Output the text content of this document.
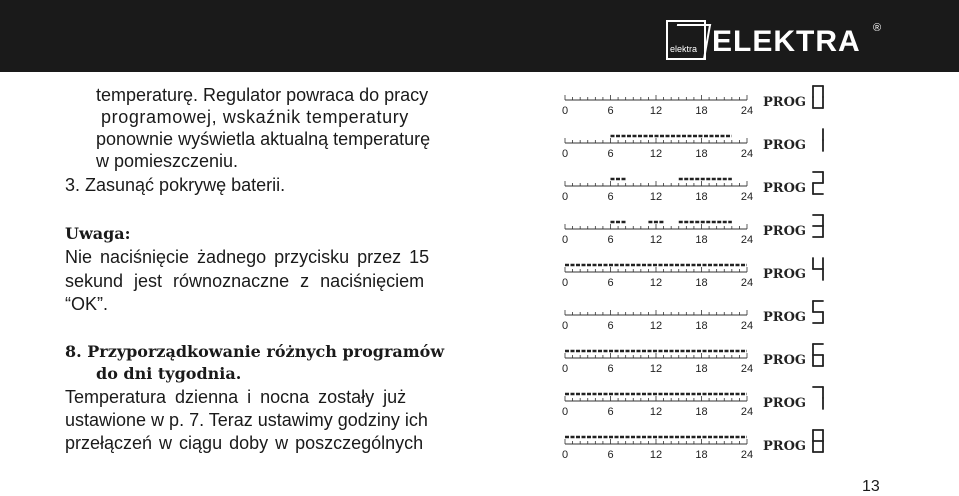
elektra ELEKTRA ®
temperaturę. Regulator powraca do pracy
programowej, wskaźnik temperatury
ponownie wyświetla aktualną temperaturę
w pomieszczeniu.
3. Zasunąć pokrywę baterii.
Uwaga:
Nie naciśnięcie żadnego przycisku przez 15
sekund jest równoznaczne z naciśnięciem
“OK”.
8. Przyporządkowanie różnych programów
do dni tygodnia.
Temperatura dzienna i nocna zostały już
ustawione w p. 7. Teraz ustawimy godziny ich
przełączeń w ciągu doby w poszczególnych
0	6	12	18	24
PROG
0	6	12	18	24
PROG
0	6	12	18	24
PROG
0	6	12	18	24
PROG
0	6	12	18	24
PROG
0	6	12	18	24
PROG
0	6	12	18	24
PROG
0	6	12	18	24
PROG
0	6	12	18	24
PROG
13
